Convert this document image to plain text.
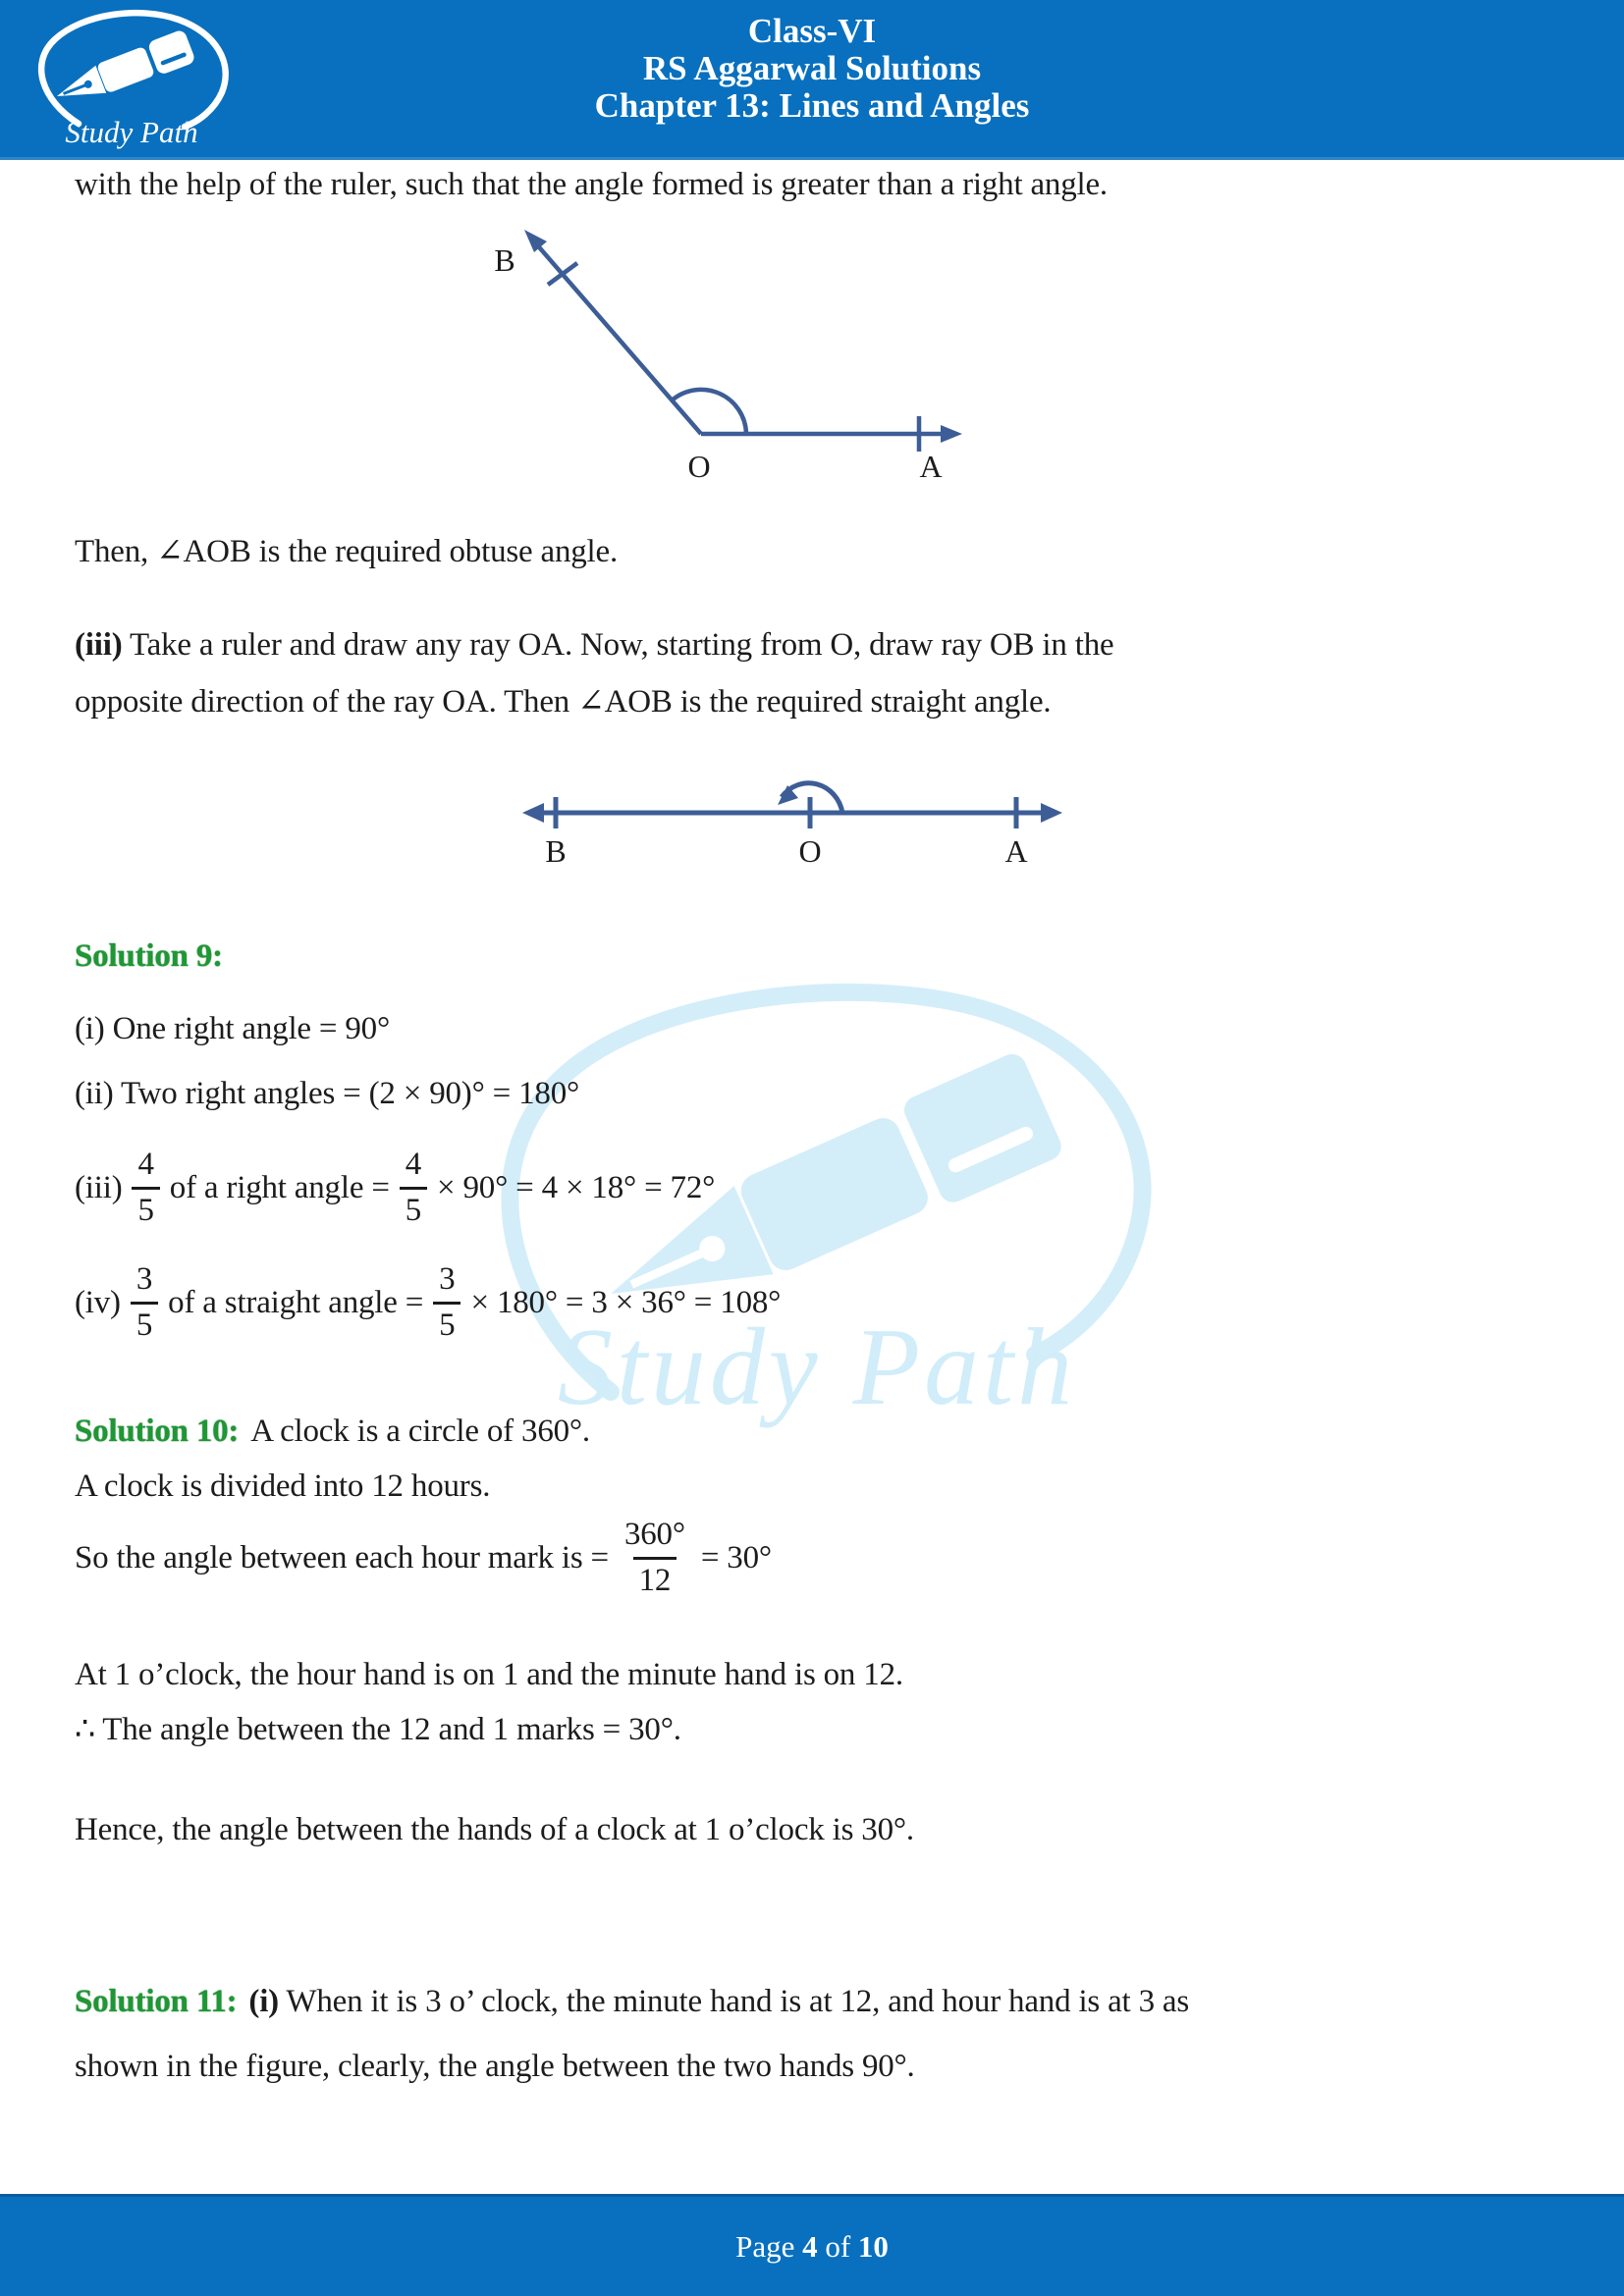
Study Path
Study Path
Class-VI
RS Aggarwal Solutions
Chapter 13: Lines and Angles

with the help of the ruler, such that the angle formed is greater than a right angle.

B
O	A

Then, ∠AOB is the required obtuse angle.

(iii) Take a ruler and draw any ray OA. Now, starting from O, draw ray OB in the
opposite direction of the ray OA. Then ∠AOB is the required straight angle.

B	O	A

Solution 9:

(i) One right angle = 90°

(ii) Two right angles = (2 × 90)° = 180°

$(iii) \frac{4}{5}$ of a right angle = $\frac{4}{5} \times 90^\circ = 4 \times 18^\circ = 72^\circ$
$(iv) \frac{3}{5}$ of a straight angle = $\frac{3}{5} \times 180^\circ = 3 \times 36^\circ = 108^\circ$

Solution 10: A clock is a circle of 360°.

A clock is divided into 12 hours.

So the angle between each hour mark is = $\frac{360^\circ}{12} = 30^\circ$

At 1 o’clock, the hour hand is on 1 and the minute hand is on 12.

∴ The angle between the 12 and 1 marks = 30°.

Hence, the angle between the hands of a clock at 1 o’clock is 30°.

Solution 11: (i) When it is 3 o’ clock, the minute hand is at 12, and hour hand is at 3 as
shown in the figure, clearly, the angle between the two hands 90°.

Page 4 of 10
